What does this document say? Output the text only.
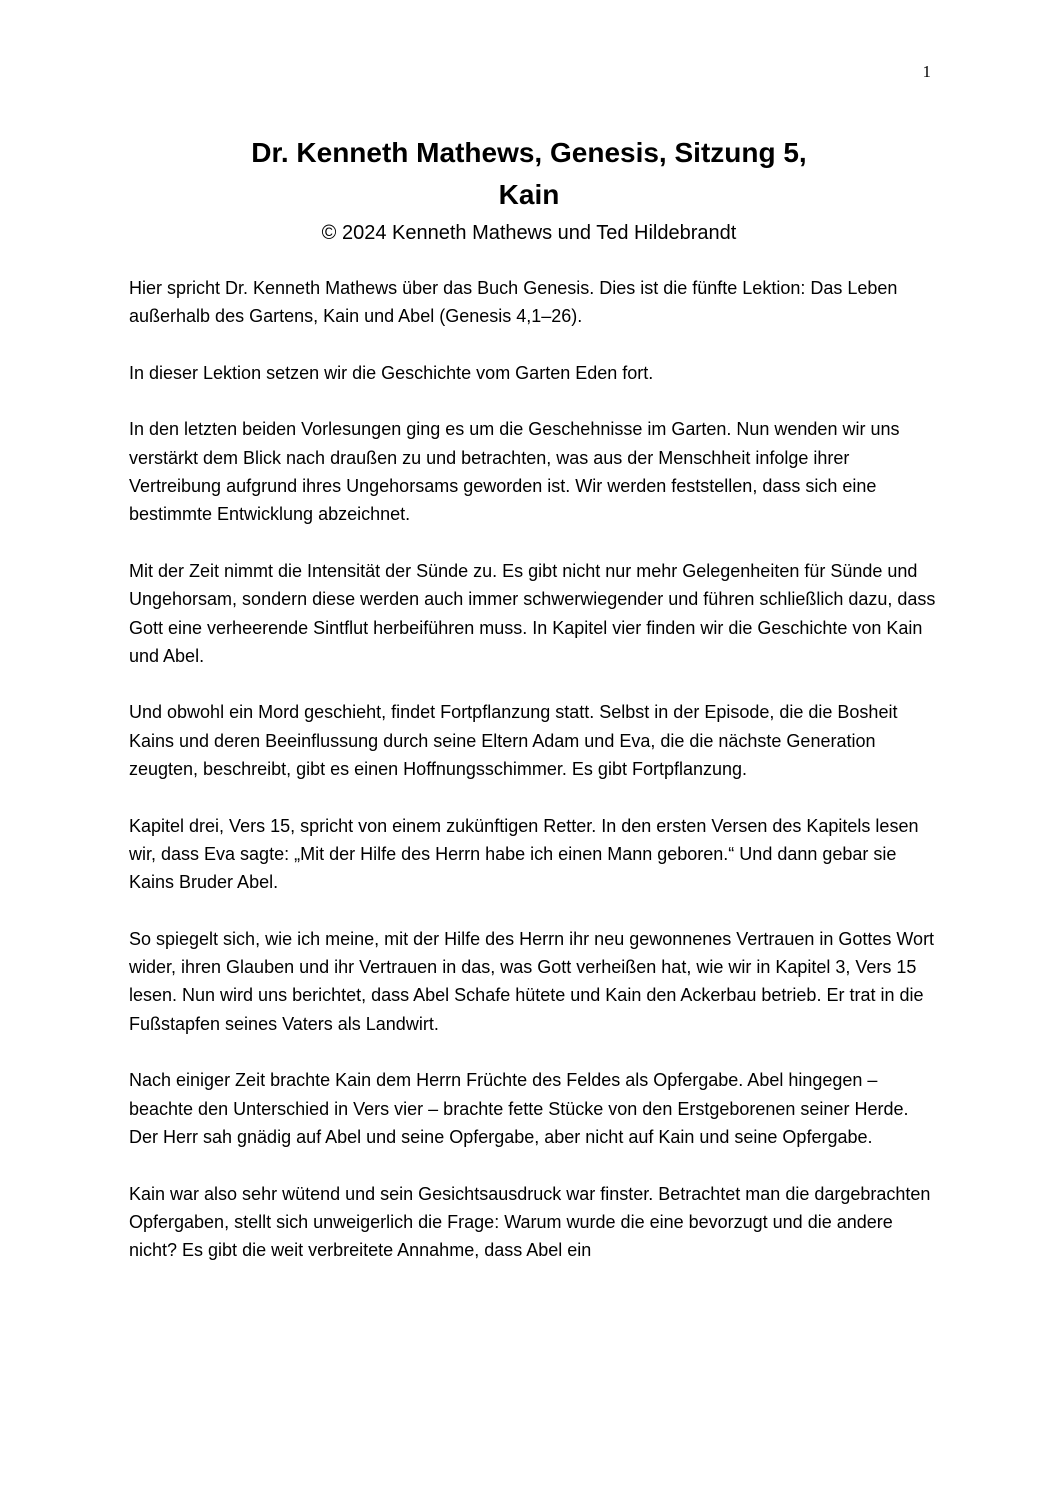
1
Dr. Kenneth Mathews, Genesis, Sitzung 5,
Kain
© 2024 Kenneth Mathews und Ted Hildebrandt

Hier spricht Dr. Kenneth Mathews über das Buch Genesis. Dies ist die fünfte Lektion: Das Leben außerhalb des Gartens, Kain und Abel (Genesis 4,1–26).

In dieser Lektion setzen wir die Geschichte vom Garten Eden fort.

In den letzten beiden Vorlesungen ging es um die Geschehnisse im Garten. Nun wenden wir uns verstärkt dem Blick nach draußen zu und betrachten, was aus der Menschheit infolge ihrer Vertreibung aufgrund ihres Ungehorsams geworden ist. Wir werden feststellen, dass sich eine bestimmte Entwicklung abzeichnet.

Mit der Zeit nimmt die Intensität der Sünde zu. Es gibt nicht nur mehr Gelegenheiten für Sünde und Ungehorsam, sondern diese werden auch immer schwerwiegender und führen schließlich dazu, dass Gott eine verheerende Sintflut herbeiführen muss. In Kapitel vier finden wir die Geschichte von Kain und Abel.

Und obwohl ein Mord geschieht, findet Fortpflanzung statt. Selbst in der Episode, die die Bosheit Kains und deren Beeinflussung durch seine Eltern Adam und Eva, die die nächste Generation zeugten, beschreibt, gibt es einen Hoffnungsschimmer. Es gibt Fortpflanzung.

Kapitel drei, Vers 15, spricht von einem zukünftigen Retter. In den ersten Versen des Kapitels lesen wir, dass Eva sagte: „Mit der Hilfe des Herrn habe ich einen Mann geboren.“ Und dann gebar sie Kains Bruder Abel.

So spiegelt sich, wie ich meine, mit der Hilfe des Herrn ihr neu gewonnenes Vertrauen in Gottes Wort wider, ihren Glauben und ihr Vertrauen in das, was Gott verheißen hat, wie wir in Kapitel 3, Vers 15 lesen. Nun wird uns berichtet, dass Abel Schafe hütete und Kain den Ackerbau betrieb. Er trat in die Fußstapfen seines Vaters als Landwirt.

Nach einiger Zeit brachte Kain dem Herrn Früchte des Feldes als Opfergabe. Abel hingegen – beachte den Unterschied in Vers vier – brachte fette Stücke von den Erstgeborenen seiner Herde. Der Herr sah gnädig auf Abel und seine Opfergabe, aber nicht auf Kain und seine Opfergabe.

Kain war also sehr wütend und sein Gesichtsausdruck war finster. Betrachtet man die dargebrachten Opfergaben, stellt sich unweigerlich die Frage: Warum wurde die eine bevorzugt und die andere nicht? Es gibt die weit verbreitete Annahme, dass Abel ein
